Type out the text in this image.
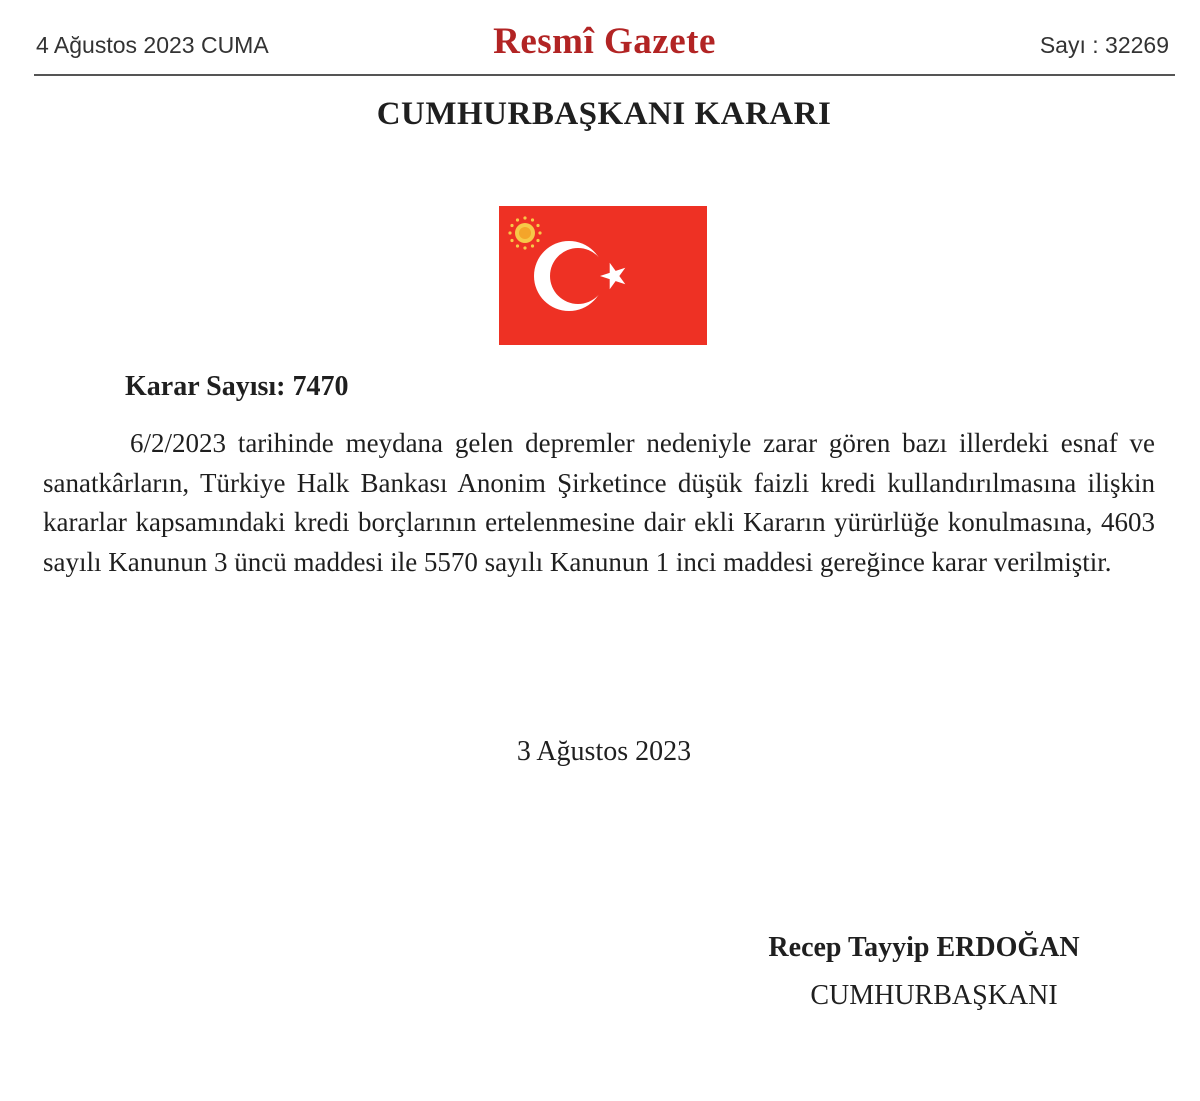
4 Ağustos 2023 CUMA	Resmî Gazete	Sayı : 32269
CUMHURBAŞKANI KARARI
Karar Sayısı: 7470

6/2/2023 tarihinde meydana gelen depremler nedeniyle zarar gören bazı illerdeki esnaf ve sanatkârların, Türkiye Halk Bankası Anonim Şirketince düşük faizli kredi kullandırılmasına ilişkin kararlar kapsamındaki kredi borçlarının ertelenmesine dair ekli Kararın yürürlüğe konulmasına, 4603 sayılı Kanunun 3 üncü maddesi ile 5570 sayılı Kanunun 1 inci maddesi gereğince karar verilmiştir.

3 Ağustos 2023
Recep Tayyip ERDOĞAN
CUMHURBAŞKANI
